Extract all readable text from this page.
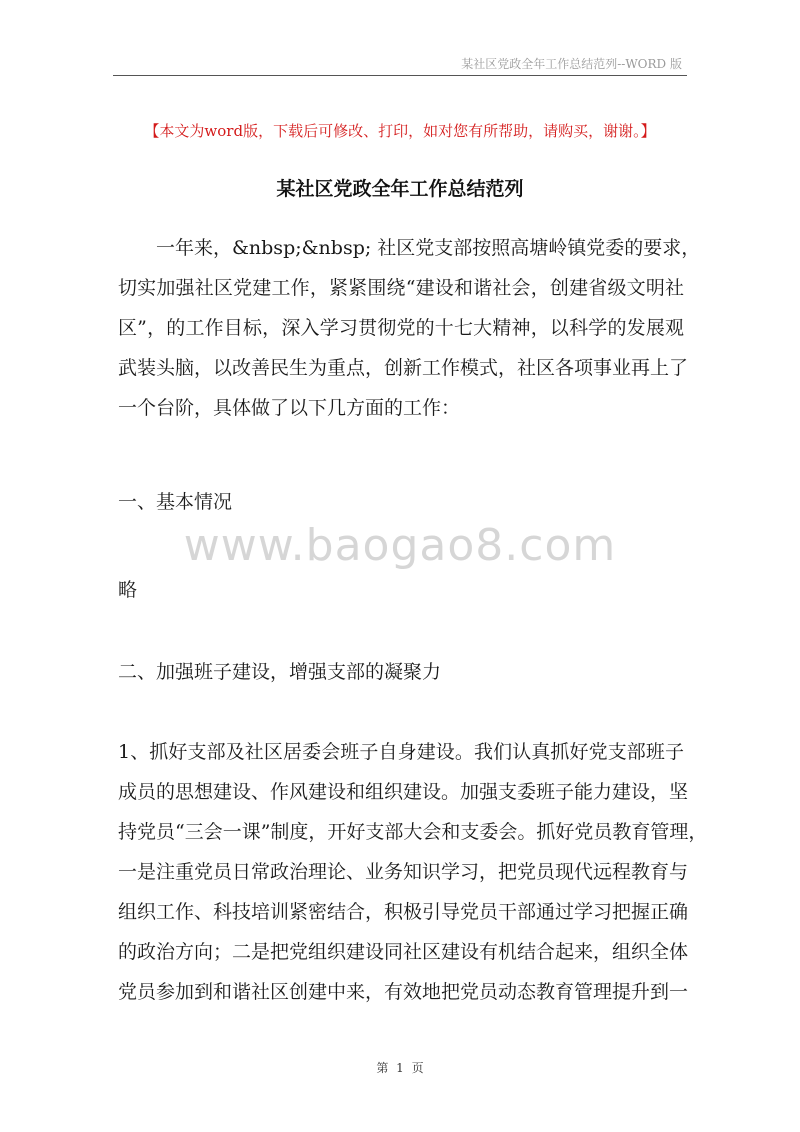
某社区党政全年工作总结范列--WORD 版
【本文为word版，下载后可修改、打印，如对您有所帮助，请购买，谢谢。】
某社区党政全年工作总结范列
　　一年来，&nbsp;&nbsp; 社区党支部按照高塘岭镇党委的要求，
切实加强社区党建工作，紧紧围绕“建设和谐社会，创建省级文明社
区”，的工作目标，深入学习贯彻党的十七大精神，以科学的发展观
武装头脑，以改善民生为重点，创新工作模式，社区各项事业再上了
一个台阶，具体做了以下几方面的工作：
一、基本情况
www.baogao8.com
略
二、加强班子建设，增强支部的凝聚力
1、抓好支部及社区居委会班子自身建设。我们认真抓好党支部班子
成员的思想建设、作风建设和组织建设。加强支委班子能力建设，坚
持党员“三会一课”制度，开好支部大会和支委会。抓好党员教育管理，
一是注重党员日常政治理论、业务知识学习，把党员现代远程教育与
组织工作、科技培训紧密结合，积极引导党员干部通过学习把握正确
的政治方向；二是把党组织建设同社区建设有机结合起来，组织全体
党员参加到和谐社区创建中来，有效地把党员动态教育管理提升到一
第 1 页
